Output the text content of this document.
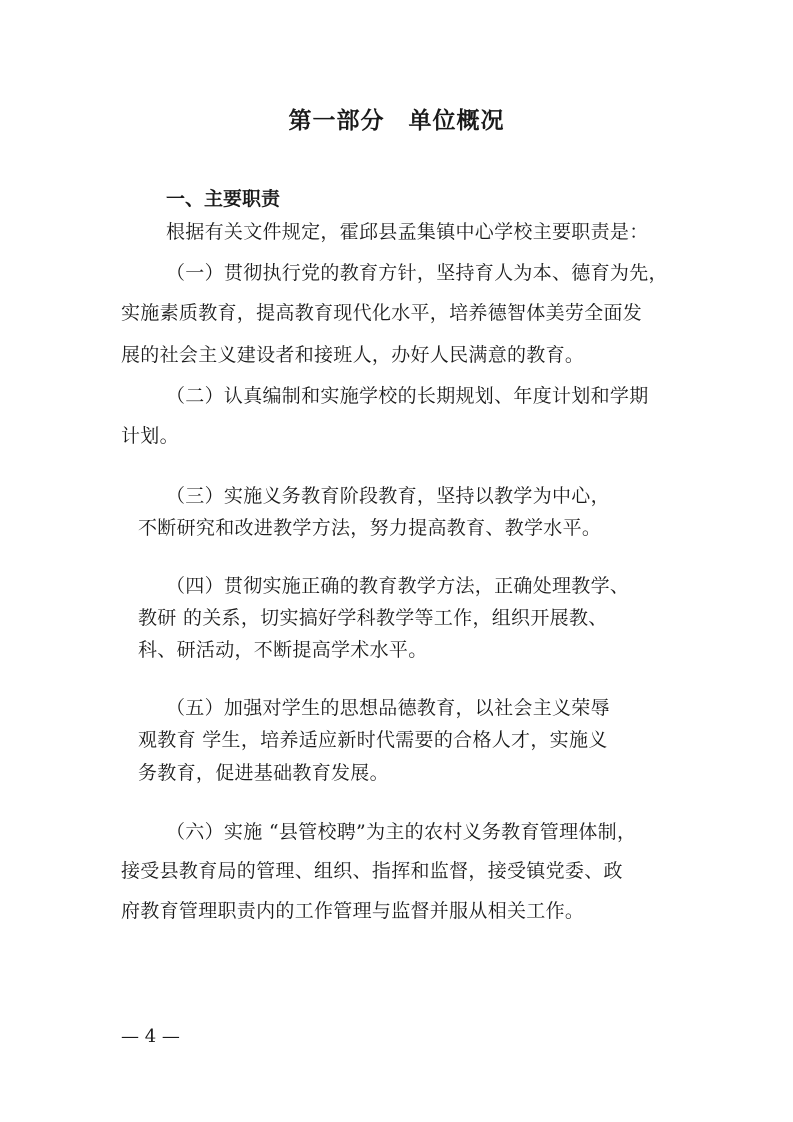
第一部分　单位概况
一、主要职责
根据有关文件规定，霍邱县孟集镇中心学校主要职责是：
（一）贯彻执行党的教育方针，坚持育人为本、德育为先，
实施素质教育，提高教育现代化水平，培养德智体美劳全面发
展的社会主义建设者和接班人，办好人民满意的教育。
（二）认真编制和实施学校的长期规划、年度计划和学期
计划。
（三）实施义务教育阶段教育，坚持以教学为中心，
不断研究和改进教学方法，努力提高教育、教学水平。
（四）贯彻实施正确的教育教学方法，正确处理教学、
教研 的关系，切实搞好学科教学等工作，组织开展教、
科、研活动，不断提高学术水平。
（五）加强对学生的思想品德教育，以社会主义荣辱
观教育 学生，培养适应新时代需要的合格人才，实施义
务教育，促进基础教育发展。
（六）实施 “县管校聘”为主的农村义务教育管理体制，
接受县教育局的管理、组织、指挥和监督，接受镇党委、政
府教育管理职责内的工作管理与监督并服从相关工作。
— 4 —
